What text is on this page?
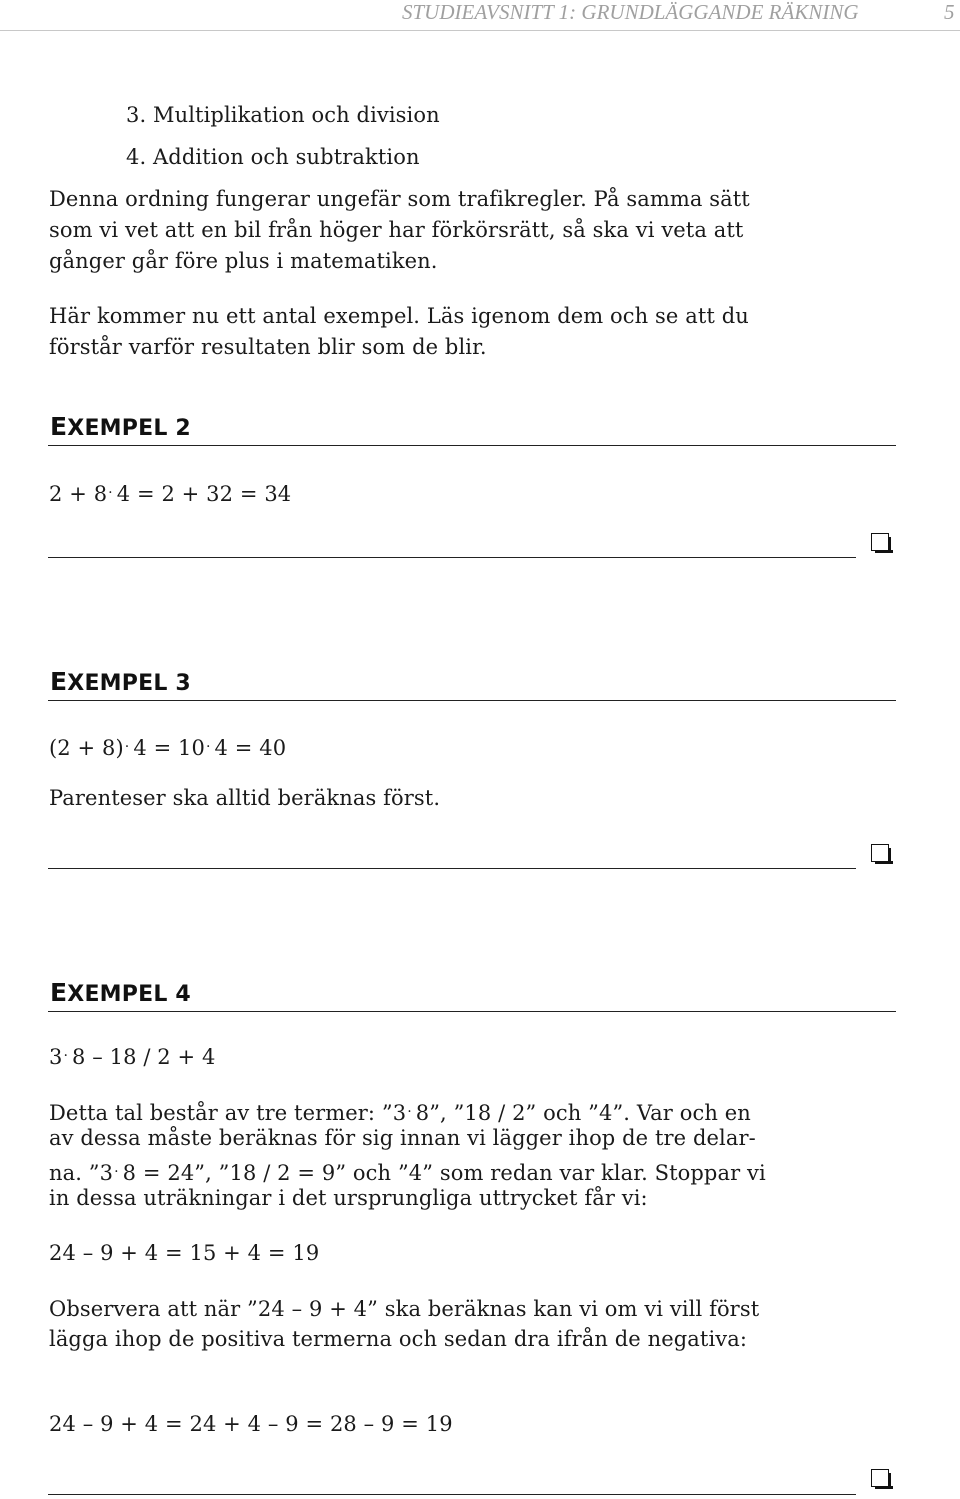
STUDIEAVSNITT 1: GRUNDLÄGGANDE RÄKNING	5
3. Multiplikation och division
4. Addition och subtraktion
Denna ordning fungerar ungefär som trafikregler. På samma sätt
som vi vet att en bil från höger har förkörsrätt, så ska vi veta att
gånger går före plus i matematiken.
Här kommer nu ett antal exempel. Läs igenom dem och se att du
förstår varför resultaten blir som de blir.
EXEMPEL 2
2 + 8. 4 = 2 + 32 = 34
EXEMPEL 3
(2 + 8). 4 = 10. 4 = 40
Parenteser ska alltid beräknas först.
EXEMPEL 4
3. 8 – 18 / 2 + 4
Detta tal består av tre termer: ”3. 8”, ”18 / 2” och ”4”. Var och en
av dessa måste beräknas för sig innan vi lägger ihop de tre delar-
na. ”3. 8 = 24”, ”18 / 2 = 9” och ”4” som redan var klar. Stoppar vi
in dessa uträkningar i det ursprungliga uttrycket får vi:
24 – 9 + 4 = 15 + 4 = 19
Observera att när ”24 – 9 + 4” ska beräknas kan vi om vi vill först
lägga ihop de positiva termerna och sedan dra ifrån de negativa:
24 – 9 + 4 = 24 + 4 – 9 = 28 – 9 = 19
